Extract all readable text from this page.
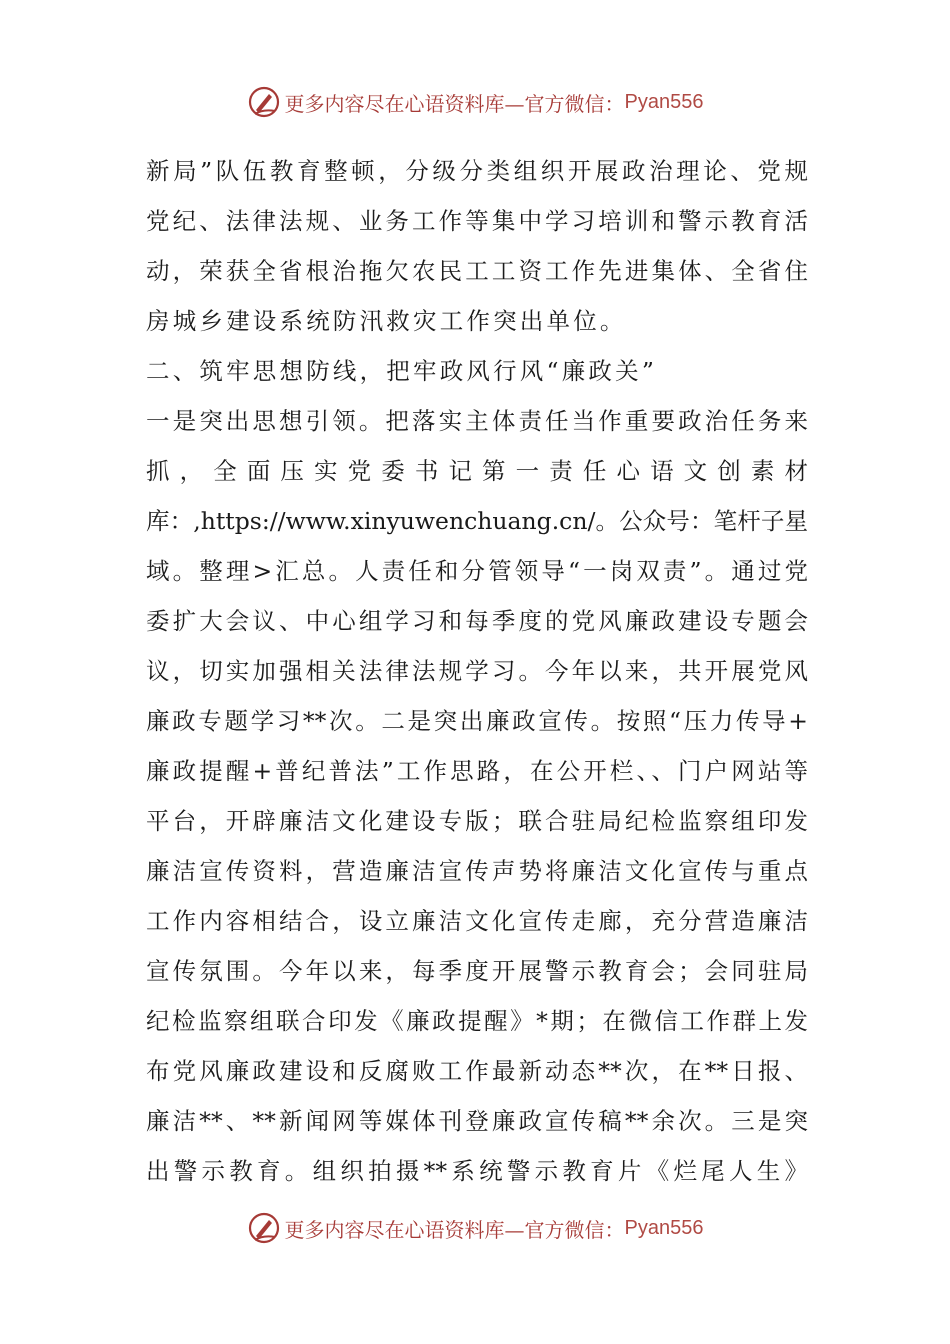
更多内容尽在心语资料库—官方微信： Pyan556
新局”队伍教育整顿，分级分类组织开展政治理论、党规
党纪、法律法规、业务工作等集中学习培训和警示教育活
动，荣获全省根治拖欠农民工工资工作先进集体、全省住
房城乡建设系统防汛救灾工作突出单位。
二、筑牢思想防线，把牢政风行风“廉政关”
一是突出思想引领。把落实主体责任当作重要政治任务来
抓，全面压实党委书记第一责任心语文创素材
库：,https://www.xinyuwenchuang.cn/。公众号：笔杆子星
域。整理>汇总。人责任和分管领导“一岗双责”。通过党
委扩大会议、中心组学习和每季度的党风廉政建设专题会
议，切实加强相关法律法规学习。今年以来，共开展党风
廉政专题学习**次。二是突出廉政宣传。按照“压力传导+
廉政提醒+普纪普法”工作思路，在公开栏、、门户网站等
平台，开辟廉洁文化建设专版；联合驻局纪检监察组印发
廉洁宣传资料，营造廉洁宣传声势将廉洁文化宣传与重点
工作内容相结合，设立廉洁文化宣传走廊，充分营造廉洁
宣传氛围。今年以来，每季度开展警示教育会；会同驻局
纪检监察组联合印发《廉政提醒》*期；在微信工作群上发
布党风廉政建设和反腐败工作最新动态**次，在**日报、
廉洁**、**新闻网等媒体刊登廉政宣传稿**余次。三是突
出警示教育。组织拍摄**系统警示教育片《烂尾人生》
更多内容尽在心语资料库—官方微信： Pyan556
